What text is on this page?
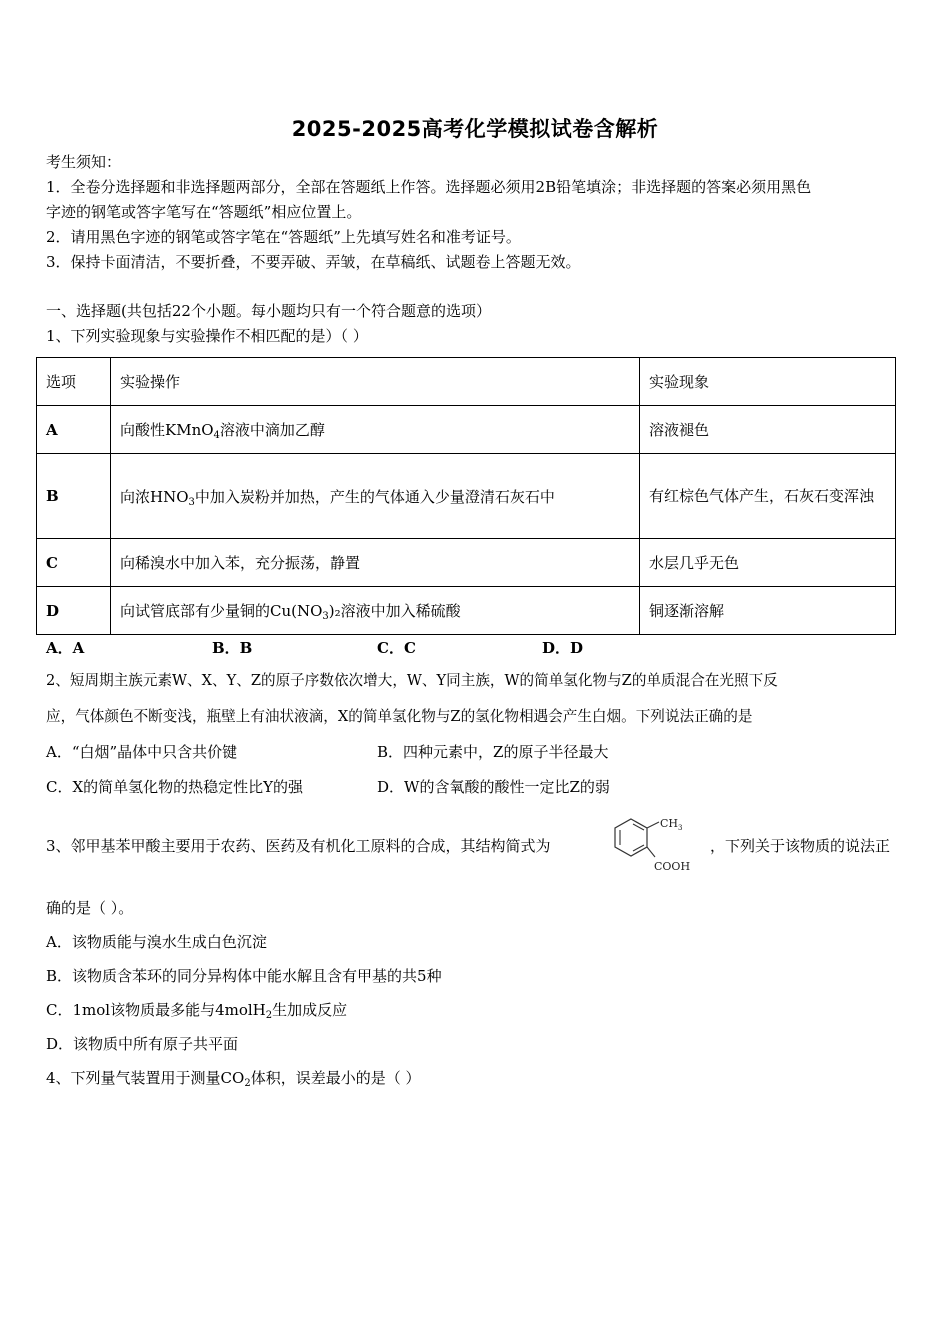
2025-2025高考化学模拟试卷含解析
考生须知：
1．全卷分选择题和非选择题两部分，全部在答题纸上作答。选择题必须用2B铅笔填涂；非选择题的答案必须用黑色
字迹的钢笔或答字笔写在“答题纸”相应位置上。
2．请用黑色字迹的钢笔或答字笔在“答题纸”上先填写姓名和准考证号。
3．保持卡面清洁，不要折叠，不要弄破、弄皱，在草稿纸、试题卷上答题无效。
一、选择题(共包括22个小题。每小题均只有一个符合题意的选项）
1、下列实验现象与实验操作不相匹配的是）（ ）
选项	实验操作	实验现象
A	向酸性KMnO$_4$溶液中滴加乙醇	溶液褪色
B	向浓$HNO_3$中加入炭粉并加热，产生的气体通入少量澄清石灰石中	有红棕色气体产生，石灰石变浑浊
C	向稀溴水中加入苯，充分振荡，静置	水层几乎无色
D	向试管底部有少量铜的$Cu(NO_3)_2$溶液中加入稀硫酸	铜逐渐溶解
A．A	B．B	C．C	D．D
2、短周期主族元素W、X、Y、Z的原子序数依次增大，W、Y同主族，W的简单氢化物与Z的单质混合在光照下反
应，气体颜色不断变浅，瓶壁上有油状液滴，X的简单氢化物与Z的氢化物相遇会产生白烟。下列说法正确的是
A．“白烟”晶体中只含共价键	B．四种元素中，Z的原子半径最大
C．X的简单氢化物的热稳定性比Y的强	D．W的含氧酸的酸性一定比Z的弱
3、邻甲基苯甲酸主要用于农药、医药及有机化工原料的合成，其结构简式为
$CH_3$
COOH
，下列关于该物质的说法正
确的是（ ）。
A．该物质能与溴水生成白色沉淀
B．该物质含苯环的同分异构体中能水解且含有甲基的共5种
C．1mol该物质最多能与4molH$_2$生加成反应
D．该物质中所有原子共平面
4、下列量气装置用于测量$CO_2$体积，误差最小的是（ ）
